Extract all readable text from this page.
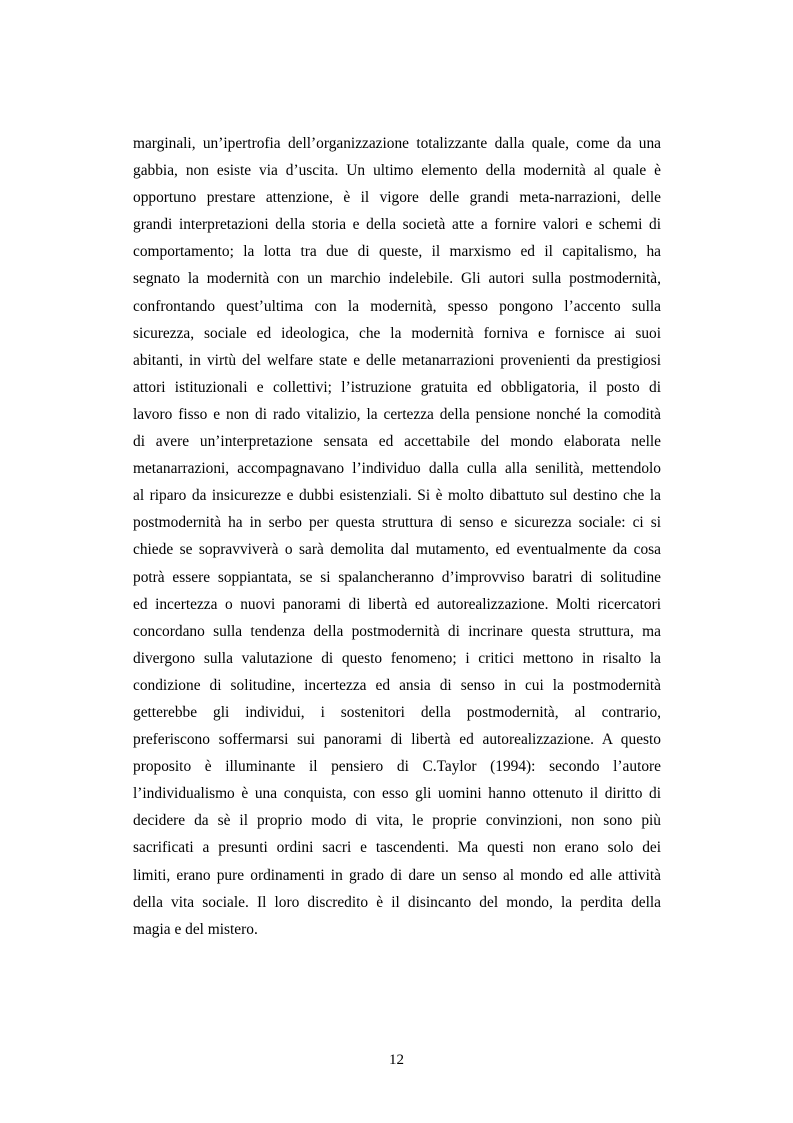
marginali, un’ipertrofia dell’organizzazione totalizzante dalla quale, come da una
gabbia, non esiste via d’uscita. Un ultimo elemento della modernità al quale è
opportuno prestare attenzione, è il vigore delle grandi meta-narrazioni, delle
grandi interpretazioni della storia e della società atte a fornire valori e schemi di
comportamento; la lotta tra due di queste, il marxismo ed il capitalismo, ha
segnato la modernità con un marchio indelebile. Gli autori sulla postmodernità,
confrontando quest’ultima con la modernità, spesso pongono l’accento sulla
sicurezza, sociale ed ideologica, che la modernità forniva e fornisce ai suoi
abitanti, in virtù del welfare state e delle metanarrazioni provenienti da prestigiosi
attori istituzionali e collettivi; l’istruzione gratuita ed obbligatoria, il posto di
lavoro fisso e non di rado vitalizio, la certezza della pensione nonché la comodità
di avere un’interpretazione sensata ed accettabile del mondo elaborata nelle
metanarrazioni, accompagnavano l’individuo dalla culla alla senilità, mettendolo
al riparo da insicurezze e dubbi esistenziali. Si è molto dibattuto sul destino che la
postmodernità ha in serbo per questa struttura di senso e sicurezza sociale: ci si
chiede se sopravviverà o sarà demolita dal mutamento, ed eventualmente da cosa
potrà essere soppiantata, se si spalancheranno d’improvviso baratri di solitudine
ed incertezza o nuovi panorami di libertà ed autorealizzazione. Molti ricercatori
concordano sulla tendenza della postmodernità di incrinare questa struttura, ma
divergono sulla valutazione di questo fenomeno; i critici mettono in risalto la
condizione di solitudine, incertezza ed ansia di senso in cui la postmodernità
getterebbe gli individui, i sostenitori della postmodernità, al contrario,
preferiscono soffermarsi sui panorami di libertà ed autorealizzazione. A questo
proposito è illuminante il pensiero di C.Taylor (1994): secondo l’autore
l’individualismo è una conquista, con esso gli uomini hanno ottenuto il diritto di
decidere da sè il proprio modo di vita, le proprie convinzioni, non sono più
sacrificati a presunti ordini sacri e tascendenti. Ma questi non erano solo dei
limiti, erano pure ordinamenti in grado di dare un senso al mondo ed alle attività
della vita sociale. Il loro discredito è il disincanto del mondo, la perdita della
magia e del mistero.
12
